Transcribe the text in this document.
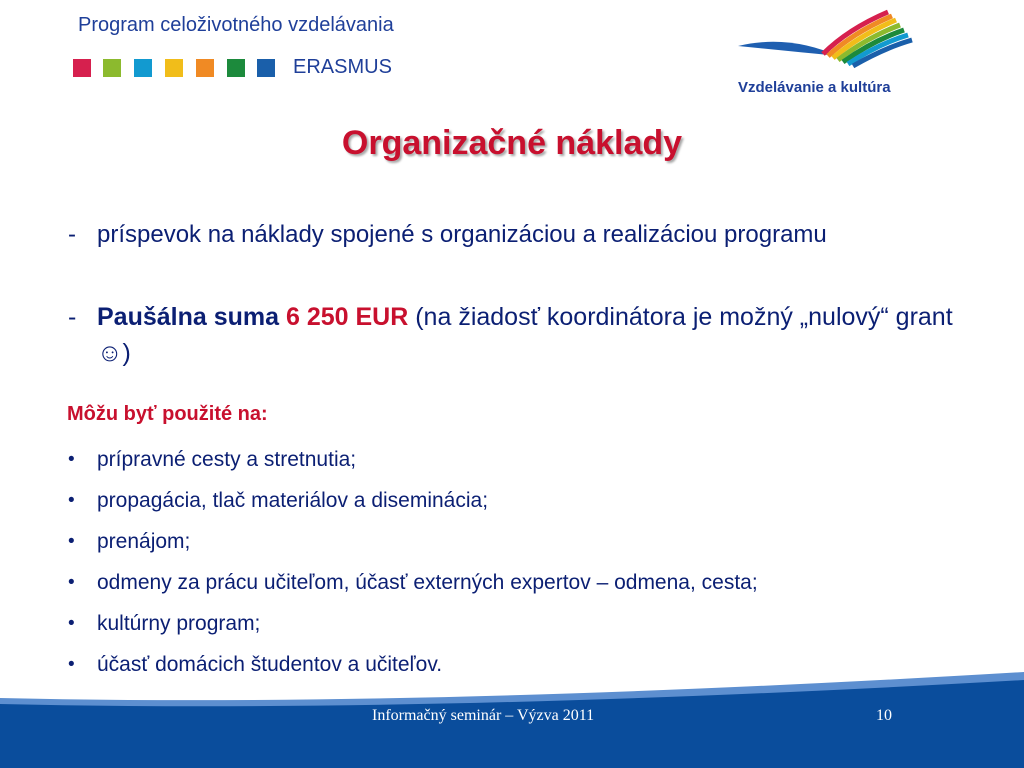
Program celoživotného vzdelávania
ERASMUS
Vzdelávanie a kultúra
Organizačné náklady
- príspevok na náklady spojené s organizáciou a realizáciou programu
- Paušálna suma 6 250 EUR (na žiadosť koordinátora je možný „nulový“ grant ☺)
Môžu byť použité na:
• prípravné cesty a stretnutia;
• propagácia, tlač materiálov a diseminácia;
• prenájom;
• odmeny za prácu učiteľom, účasť externých expertov – odmena, cesta;
• kultúrny program;
• účasť domácich študentov a učiteľov.
Informačný seminár – Výzva 2011	10
